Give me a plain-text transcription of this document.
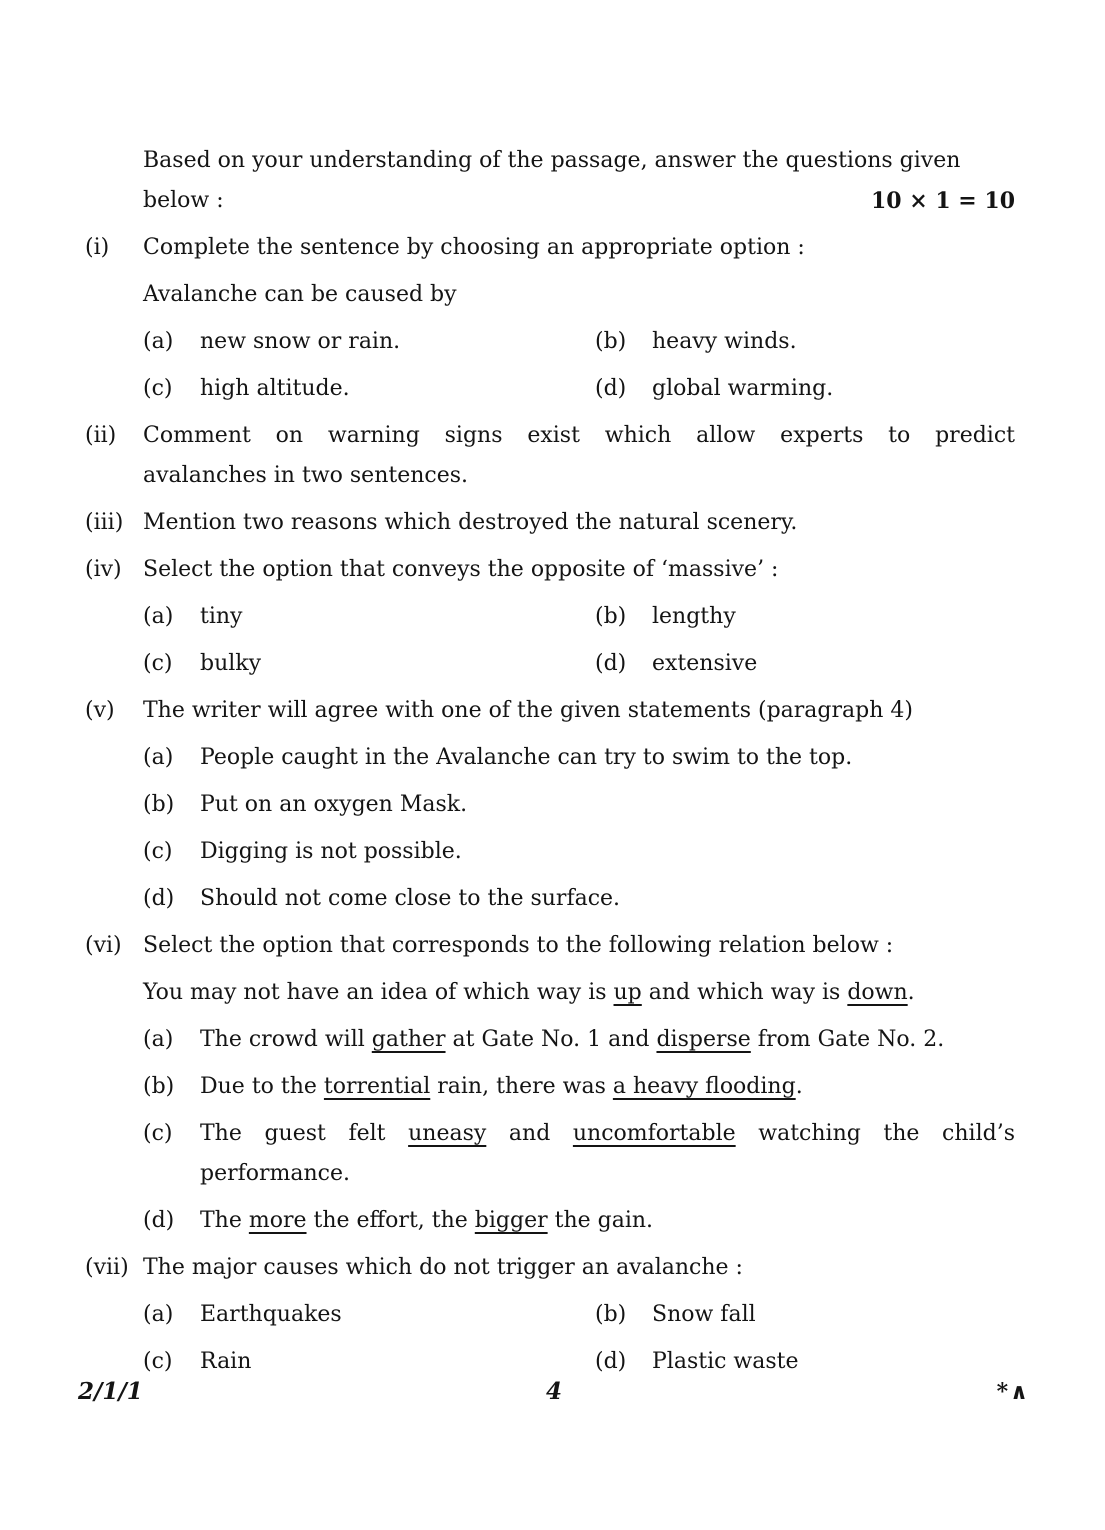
Based on your understanding of the passage, answer the questions given

below :	10 × 1 = 10
(i)	Complete the sentence by choosing an appropriate option :

Avalanche can be caused by

(a)	new snow or rain.	(b)	heavy winds.
(c)	high altitude.	(d)	global warming.
(ii)	Comment on warning signs exist which allow experts to predict

avalanches in two sentences.

(iii) Mention two reasons which destroyed the natural scenery.

(iv) Select the option that conveys the opposite of ‘massive’ :

(a)	tiny	(b)	lengthy
(c)	bulky	(d)	extensive
(v)	The writer will agree with one of the given statements (paragraph 4)

(a)	People caught in the Avalanche can try to swim to the top.
(b)	Put on an oxygen Mask.
(c)	Digging is not possible.
(d)	Should not come close to the surface.
(vi) Select the option that corresponds to the following relation below :

You may not have an idea of which way is up and which way is down.

(a)	The crowd will gather at Gate No. 1 and disperse from Gate No. 2.
(b)	Due to the torrential rain, there was a heavy flooding.
(c)	The guest felt uneasy and uncomfortable watching the child’s

performance.

(d)	The more the effort, the bigger the gain.
(vii) The major causes which do not trigger an avalanche :

(a)	Earthquakes	(b)	Snow fall
(c)	Rain	(d)	Plastic waste
2/1/1	4	*∧
